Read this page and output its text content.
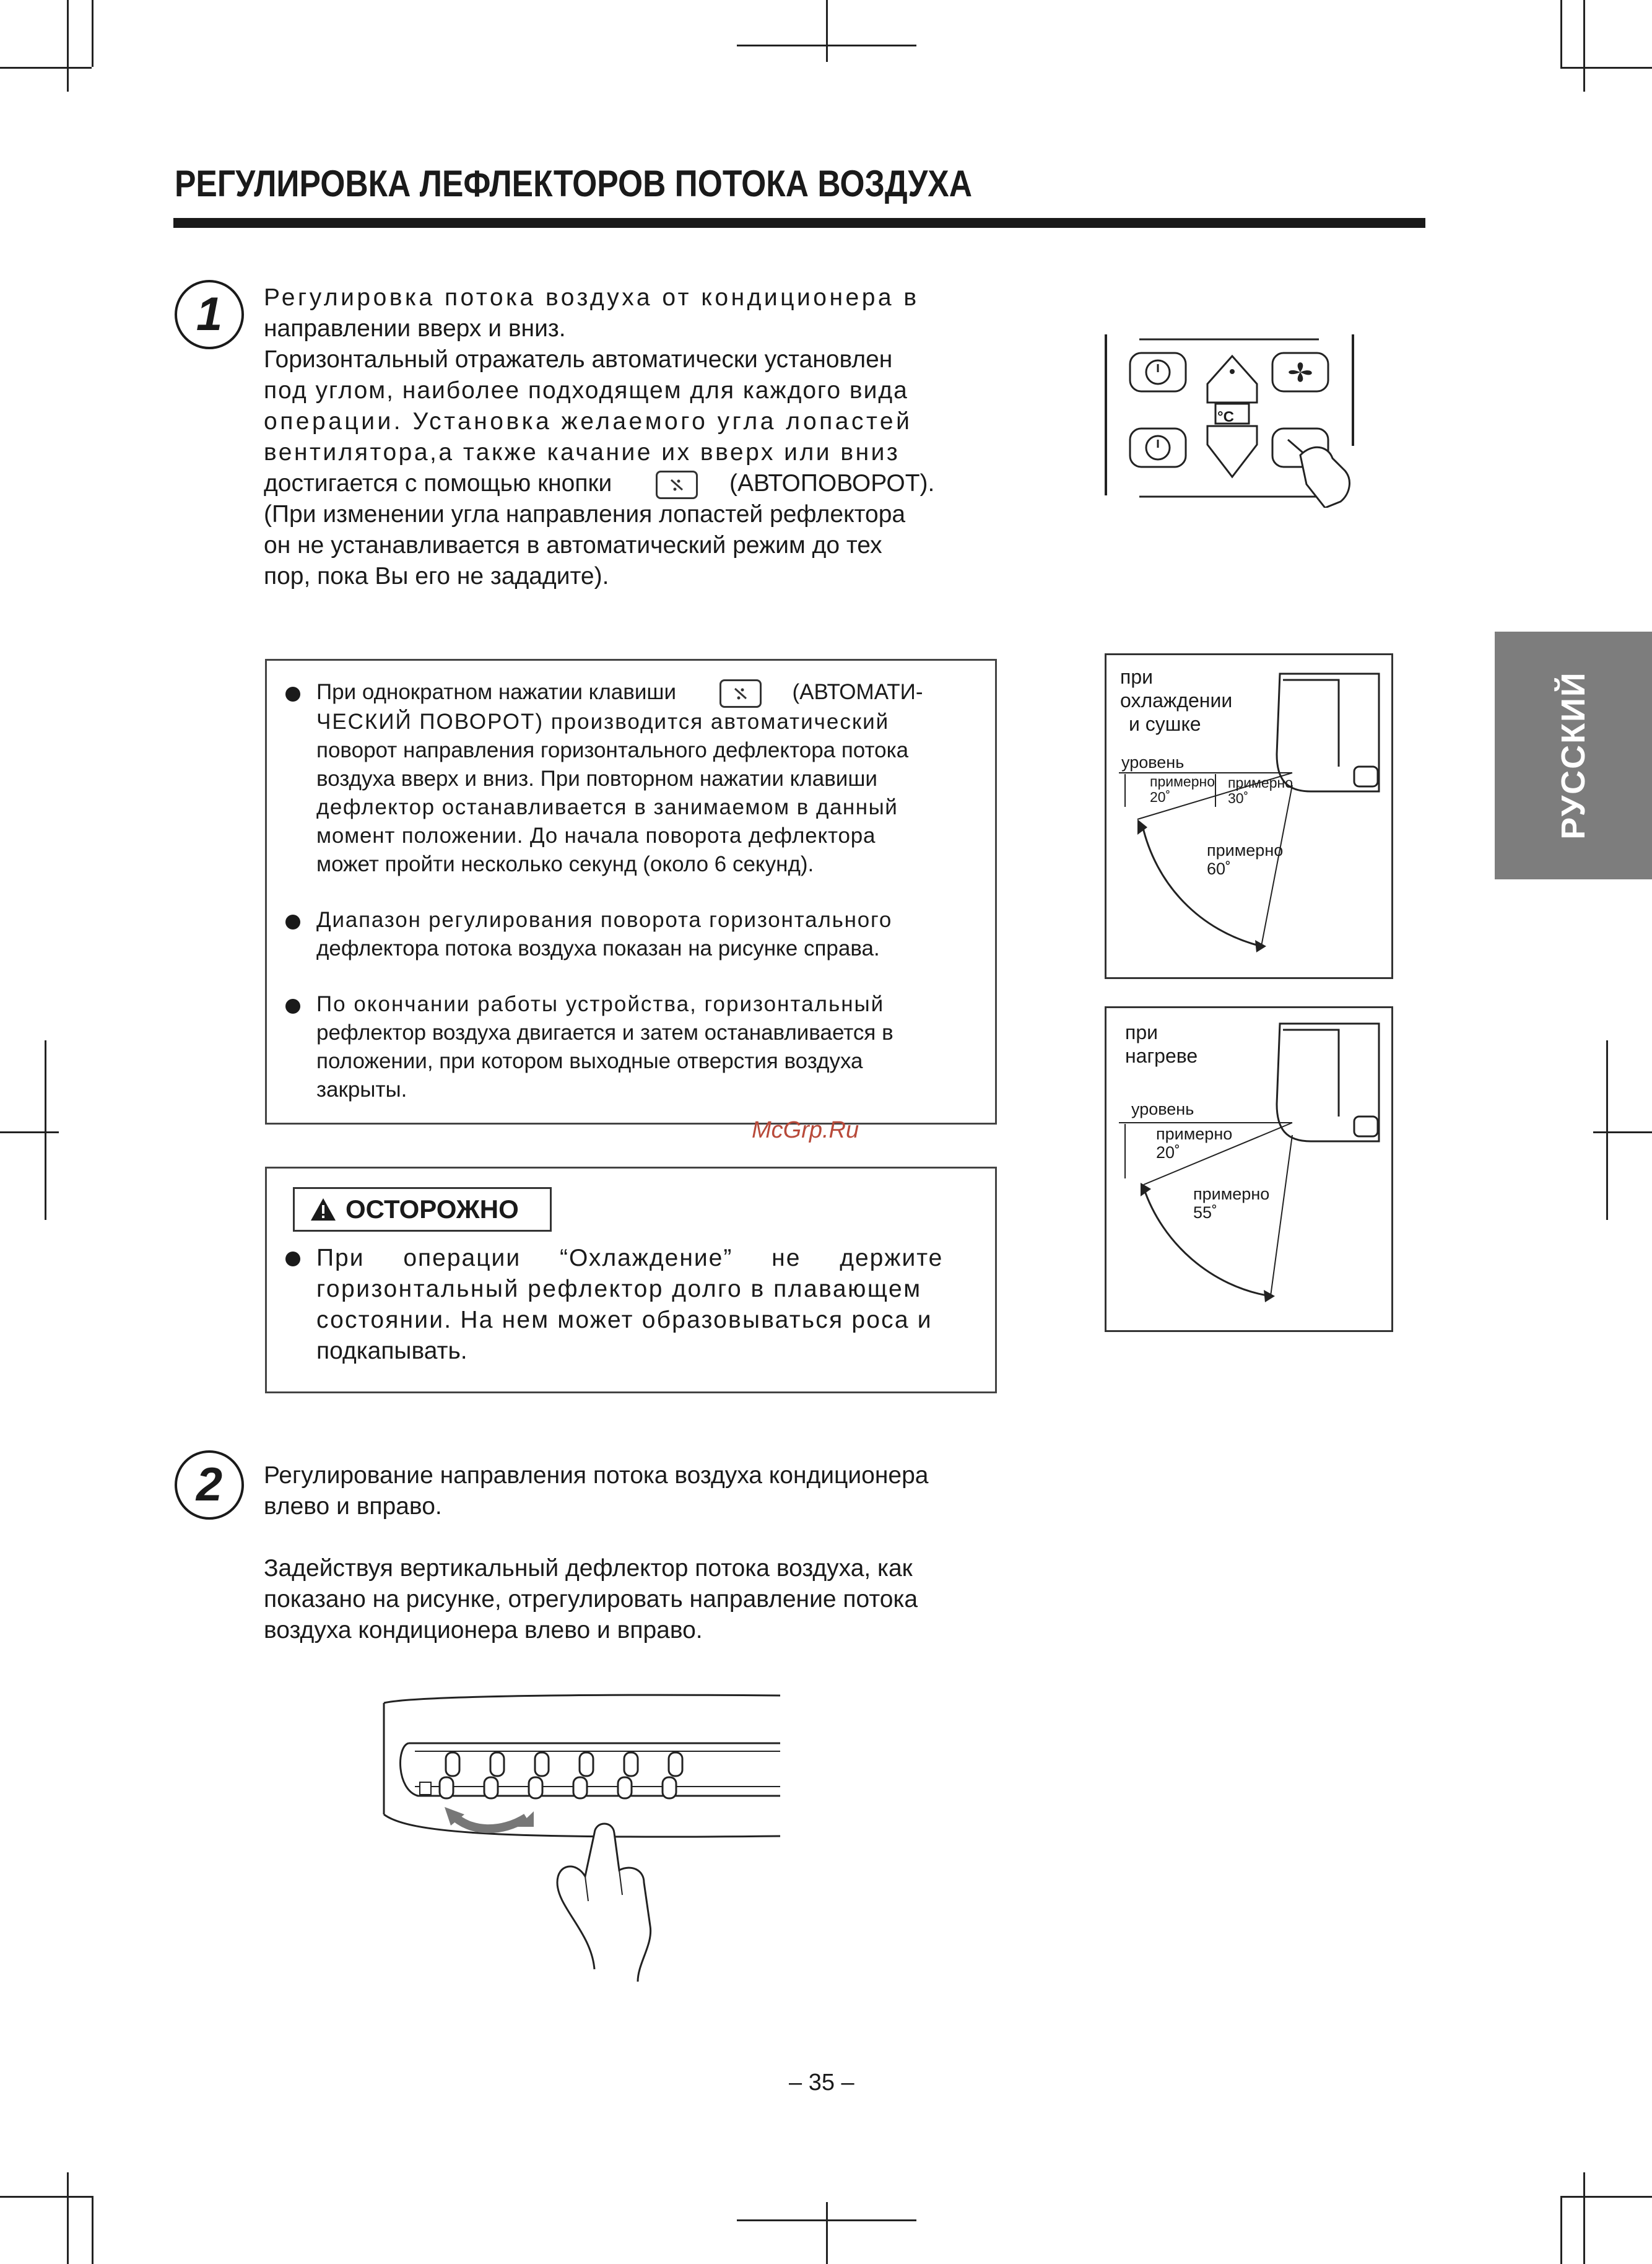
РЕГУЛИРОВКА ЛЕФЛЕКТОРОВ ПОТОКА ВОЗДУХА
РУССКИЙ
1	Регулировка потока воздуха от кондиционера в
направлении вверх и вниз.
Горизонтальный отражатель автоматически установлен
под углом, наиболее подходящем для каждого вида
операции. Установка желаемого угла лопастей
вентилятора,а также качание их вверх или вниз
достигается с помощью кнопки	(АВТОПОВОРОТ).
(При изменении угла направления лопастей рефлектора
он не устанавливается в автоматический режим до тех
пор, пока Вы его не зададите).
°C
При однократном нажатии клавиши	(АВТОМАТИ-
ЧЕСКИЙ ПОВОРОТ) производится автоматический
поворот направления горизонтального дефлектора потока
воздуха вверх и вниз. При повторном нажатии клавиши
дефлектор останавливается в занимаемом в данный
момент положении. До начала поворота дефлектора
может пройти несколько секунд (около 6 секунд).
Диапазон регулирования поворота горизонтального
дефлектора потока воздуха показан на рисунке справа.
По окончании работы устройства, горизонтальный
рефлектор воздуха двигается и затем останавливается в
положении, при котором выходные отверстия воздуха
закрыты.
McGrp.Ru
ОСТОРОЖНО
При операции “Охлаждение” не держите
горизонтальный рефлектор долго в плавающем
состоянии. На нем может образовываться роса и
подкапывать.
при
охлаждении
и сушке
уровень
примерно
20˚
примерно
30˚
примерно
60˚
при
нагреве
уровень
примерно
20˚
примерно
55˚
2	Регулирование направления потока воздуха кондиционера
влево и вправо.
Задействуя вертикальный дефлектор потока воздуха, как
показано на рисунке, отрегулировать направление потока
воздуха кондиционера влево и вправо.
– 35 –
